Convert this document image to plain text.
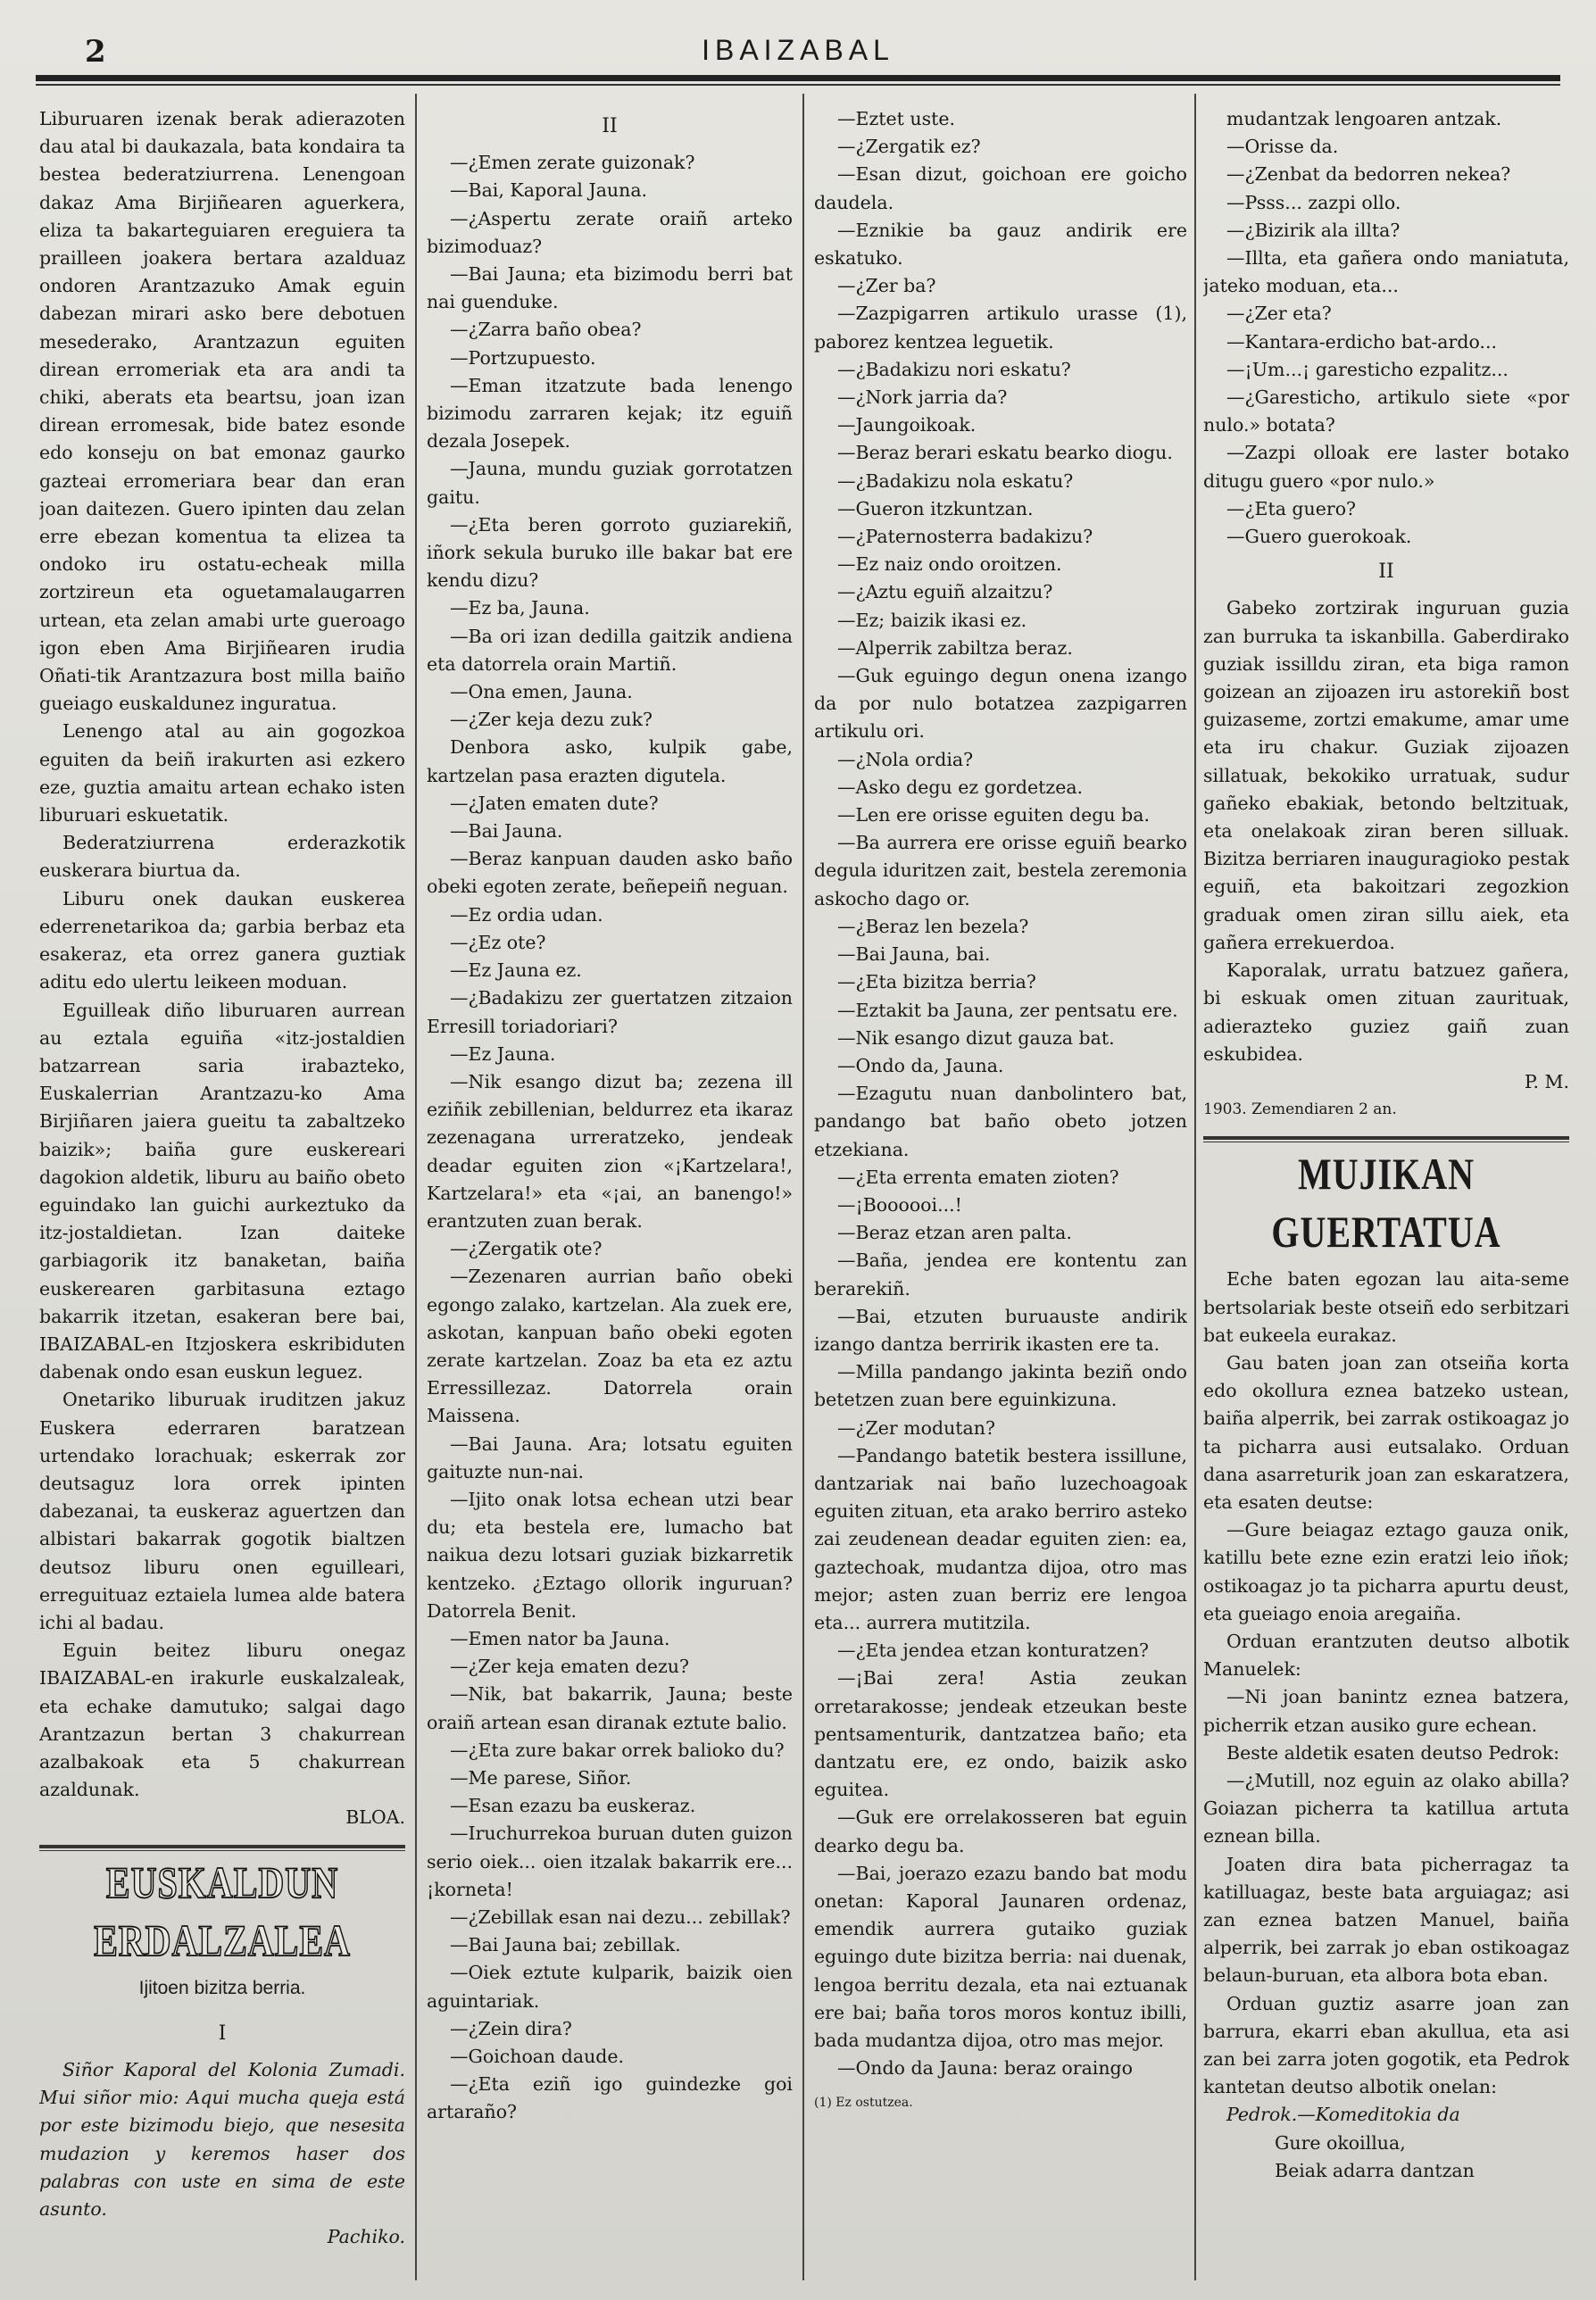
2	IBAIZABAL

Liburuaren izenak berak adierazoten dau atal bi daukazala, bata kondaira ta bestea bederatziurrena. Lenengoan dakaz Ama Birjiñearen aguerkera, eliza ta bakarteguiaren ereguiera ta prailleen joakera bertara azalduaz ondoren Arantzazuko Amak eguin dabezan mirari asko bere debotuen mesederako, Arantzazun eguiten direan erromeriak eta ara andi ta chiki, aberats eta beartsu, joan izan direan erromesak, bide batez esonde edo konseju on bat emonaz gaurko gazteai erromeriara bear dan eran joan daitezen. Guero ipinten dau zelan erre ebezan komentua ta elizea ta ondoko iru ostatu-echeak milla zortzireun eta oguetamalaugarren urtean, eta zelan amabi urte gueroago igon eben Ama Birjiñearen irudia Oñati-tik Arantzazura bost milla baiño gueiago euskaldunez inguratua.

Lenengo atal au ain gogozkoa eguiten da beiñ irakurten asi ezkero eze, guztia amaitu artean echako isten liburuari eskuetatik.

Bederatziurrena erderazkotik euskerara biurtua da.

Liburu onek daukan euskerea ederrenetarikoa da; garbia berbaz eta esakeraz, eta orrez ganera guztiak aditu edo ulertu leikeen moduan.

Eguilleak diño liburuaren aurrean au eztala eguiña «itz-jostaldien batzarrean saria irabazteko, Euskalerrian Arantzazu-ko Ama Birjiñaren jaiera gueitu ta zabaltzeko baizik»; baiña gure euskereari dagokion aldetik, liburu au baiño obeto eguindako lan guichi aurkeztuko da itz-jostaldietan. Izan daiteke garbiagorik itz banaketan, baiña euskerearen garbitasuna eztago bakarrik itzetan, esakeran bere bai, IBAIZABAL-en Itzjoskera eskribiduten dabenak ondo esan euskun leguez.

Onetariko liburuak iruditzen jakuz Euskera ederraren baratzean urtendako lorachuak; eskerrak zor deutsaguz lora orrek ipinten dabezanai, ta euskeraz aguertzen dan albistari bakarrak gogotik bialtzen deutsoz liburu onen eguilleari, erreguituaz eztaiela lumea alde batera ichi al badau.

Eguin beitez liburu onegaz IBAIZABAL-en irakurle euskalzaleak, eta echake damutuko; salgai dago Arantzazun bertan 3 chakurrean azalbakoak eta 5 chakurrean azaldunak.

BLOA.

EUSKALDUN ERDALZALEA
Ijitoen bizitza berria.
I

Siñor Kaporal del Kolonia Zumadi. Mui siñor mio: Aqui mucha queja está por este bizimodu biejo, que nesesita mudazion y keremos haser dos palabras con uste en sima de este asunto.

Pachiko.

II

—¿Emen zerate guizonak?

—Bai, Kaporal Jauna.

—¿Aspertu zerate oraiñ arteko bizimoduaz?

—Bai Jauna; eta bizimodu berri bat nai guenduke.

—¿Zarra baño obea?

—Portzupuesto.

—Eman itzatzute bada lenengo bizimodu zarraren kejak; itz eguiñ dezala Josepek.

—Jauna, mundu guziak gorrotatzen gaitu.

—¿Eta beren gorroto guziarekiñ, iñork sekula buruko ille bakar bat ere kendu dizu?

—Ez ba, Jauna.

—Ba ori izan dedilla gaitzik andiena eta datorrela orain Martiñ.

—Ona emen, Jauna.

—¿Zer keja dezu zuk?

Denbora asko, kulpik gabe, kartzelan pasa erazten digutela.

—¿Jaten ematen dute?

—Bai Jauna.

—Beraz kanpuan dauden asko baño obeki egoten zerate, beñepeiñ neguan.

—Ez ordia udan.

—¿Ez ote?

—Ez Jauna ez.

—¿Badakizu zer guertatzen zitzaion Erresill toriadoriari?

—Ez Jauna.

—Nik esango dizut ba; zezena ill eziñik zebillenian, beldurrez eta ikaraz zezenagana urreratzeko, jendeak deadar eguiten zion «¡Kartzelara!, Kartzelara!» eta «¡ai, an banengo!» erantzuten zuan berak.

—¿Zergatik ote?

—Zezenaren aurrian baño obeki egongo zalako, kartzelan. Ala zuek ere, askotan, kanpuan baño obeki egoten zerate kartzelan. Zoaz ba eta ez aztu Erressillezaz. Datorrela orain Maissena.

—Bai Jauna. Ara; lotsatu eguiten gaituzte nun-nai.

—Ijito onak lotsa echean utzi bear du; eta bestela ere, lumacho bat naikua dezu lotsari guziak bizkarretik kentzeko. ¿Eztago ollorik inguruan? Datorrela Benit.

—Emen nator ba Jauna.

—¿Zer keja ematen dezu?

—Nik, bat bakarrik, Jauna; beste oraiñ artean esan diranak eztute balio.

—¿Eta zure bakar orrek balioko du?

—Me parese, Siñor.

—Esan ezazu ba euskeraz.

—Iruchurrekoa buruan duten guizon serio oiek... oien itzalak bakarrik ere... ¡korneta!

—¿Zebillak esan nai dezu... zebillak?

—Bai Jauna bai; zebillak.

—Oiek eztute kulparik, baizik oien aguintariak.

—¿Zein dira?

—Goichoan daude.

—¿Eta eziñ igo guindezke goi artaraño?

—Eztet uste.

—¿Zergatik ez?

—Esan dizut, goichoan ere goicho daudela.

—Eznikie ba gauz andirik ere eskatuko.

—¿Zer ba?

—Zazpigarren artikulo urasse (1), paborez kentzea leguetik.

—¿Badakizu nori eskatu?

—¿Nork jarria da?

—Jaungoikoak.

—Beraz berari eskatu bearko diogu.

—¿Badakizu nola eskatu?

—Gueron itzkuntzan.

—¿Paternosterra badakizu?

—Ez naiz ondo oroitzen.

—¿Aztu eguiñ alzaitzu?

—Ez; baizik ikasi ez.

—Alperrik zabiltza beraz.

—Guk eguingo degun onena izango da por nulo botatzea zazpigarren artikulu ori.

—¿Nola ordia?

—Asko degu ez gordetzea.

—Len ere orisse eguiten degu ba.

—Ba aurrera ere orisse eguiñ bearko degula iduritzen zait, bestela zeremonia askocho dago or.

—¿Beraz len bezela?

—Bai Jauna, bai.

—¿Eta bizitza berria?

—Eztakit ba Jauna, zer pentsatu ere.

—Nik esango dizut gauza bat.

—Ondo da, Jauna.

—Ezagutu nuan danbolintero bat, pandango bat baño obeto jotzen etzekiana.

—¿Eta errenta ematen zioten?

—¡Boooooi...!

—Beraz etzan aren palta.

—Baña, jendea ere kontentu zan berarekiñ.

—Bai, etzuten buruauste andirik izango dantza berririk ikasten ere ta.

—Milla pandango jakinta beziñ ondo betetzen zuan bere eguinkizuna.

—¿Zer modutan?

—Pandango batetik bestera issillune, dantzariak nai baño luzechoagoak eguiten zituan, eta arako berriro asteko zai zeudenean deadar eguiten zien: ea, gaztechoak, mudantza dijoa, otro mas mejor; asten zuan berriz ere lengoa eta... aurrera mutitzila.

—¿Eta jendea etzan konturatzen?

—¡Bai zera! Astia zeukan orretarakosse; jendeak etzeukan beste pentsamenturik, dantzatzea baño; eta dantzatu ere, ez ondo, baizik asko eguitea.

—Guk ere orrelakosseren bat eguin dearko degu ba.

—Bai, joerazo ezazu bando bat modu onetan: Kaporal Jaunaren ordenaz, emendik aurrera gutaiko guziak eguingo dute bizitza berria: nai duenak, lengoa berritu dezala, eta nai eztuanak ere bai; baña toros moros kontuz ibilli, bada mudantza dijoa, otro mas mejor.

—Ondo da Jauna: beraz oraingo

(1) Ez ostutzea.

mudantzak lengoaren antzak.

—Orisse da.

—¿Zenbat da bedorren nekea?

—Psss... zazpi ollo.

—¿Bizirik ala illta?

—Illta, eta gañera ondo maniatuta, jateko moduan, eta...

—¿Zer eta?

—Kantara-erdicho bat-ardo...

—¡Um...¡ garesticho ezpalitz...

—¿Garesticho, artikulo siete «por nulo.» botata?

—Zazpi olloak ere laster botako ditugu guero «por nulo.»

—¿Eta guero?

—Guero guerokoak.

II

Gabeko zortzirak inguruan guzia zan burruka ta iskanbilla. Gaberdirako guziak issilldu ziran, eta biga ramon goizean an zijoazen iru astorekiñ bost guizaseme, zortzi emakume, amar ume eta iru chakur. Guziak zijoazen sillatuak, bekokiko urratuak, sudur gañeko ebakiak, betondo beltzituak, eta onelakoak ziran beren silluak. Bizitza berriaren inauguragioko pestak eguiñ, eta bakoitzari zegozkion graduak omen ziran sillu aiek, eta gañera errekuerdoa.

Kaporalak, urratu batzuez gañera, bi eskuak omen zituan zaurituak, adierazteko guziez gaiñ zuan eskubidea.

P. M.

1903. Zemendiaren 2 an.

MUJIKAN GUERTATUA

Eche baten egozan lau aita-seme bertsolariak beste otseiñ edo serbitzari bat eukeela eurakaz.

Gau baten joan zan otseiña korta edo okollura eznea batzeko ustean, baiña alperrik, bei zarrak ostikoagaz jo ta picharra ausi eutsalako. Orduan dana asarreturik joan zan eskaratzera, eta esaten deutse:

—Gure beiagaz eztago gauza onik, katillu bete ezne ezin eratzi leio iñok; ostikoagaz jo ta picharra apurtu deust, eta gueiago enoia aregaiña.

Orduan erantzuten deutso albotik Manuelek:

—Ni joan banintz eznea batzera, picherrik etzan ausiko gure echean.

Beste aldetik esaten deutso Pedrok:

—¿Mutill, noz eguin az olako abilla? Goiazan picherra ta katillua artuta eznean billa.

Joaten dira bata picherragaz ta katilluagaz, beste bata arguiagaz; asi zan eznea batzen Manuel, baiña alperrik, bei zarrak jo eban ostikoagaz belaun-buruan, eta albora bota eban.

Orduan guztiz asarre joan zan barrura, ekarri eban akullua, eta asi zan bei zarra joten gogotik, eta Pedrok kantetan deutso albotik onelan:

Pedrok.—Komeditokia da

Gure okoillua,

Beiak adarra dantzan
